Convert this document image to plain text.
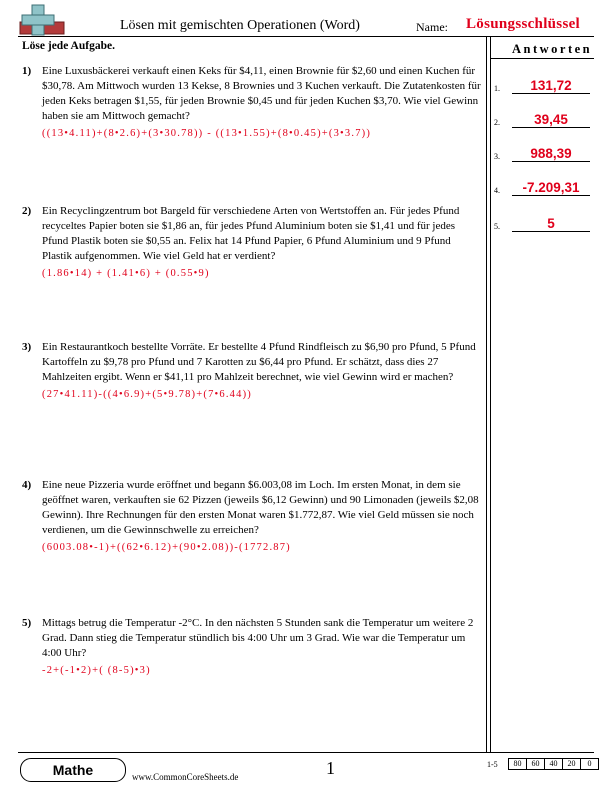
Lösen mit gemischten Operationen (Word)	Name: Lösungsschlüssel
Löse jede Aufgabe.	Antworten
1) Eine Luxusbäckerei verkauft einen Keks für $4,11, einen Brownie für $2,60 und einen Kuchen für $30,78. Am Mittwoch wurden 13 Kekse, 8 Brownies und 3 Kuchen verkauft. Die Zutatenkosten für jeden Keks betragen $1,55, für jeden Brownie $0,45 und für jeden Kuchen $3,70. Wie viel Gewinn haben sie am Mittwoch gemacht?
((13•4.11)+(8•2.6)+(3•30.78)) - ((13•1.55)+(8•0.45)+(3•3.7))
2) Ein Recyclingzentrum bot Bargeld für verschiedene Arten von Wertstoffen an. Für jedes Pfund recyceltes Papier boten sie $1,86 an, für jedes Pfund Aluminium boten sie $1,41 und für jedes Pfund Plastik boten sie $0,55 an. Felix hat 14 Pfund Papier, 6 Pfund Aluminium und 9 Pfund Plastik aufgenommen. Wie viel Geld hat er verdient?
(1.86•14) + (1.41•6) + (0.55•9)
3) Ein Restaurantkoch bestellte Vorräte. Er bestellte 4 Pfund Rindfleisch zu $6,90 pro Pfund, 5 Pfund Kartoffeln zu $9,78 pro Pfund und 7 Karotten zu $6,44 pro Pfund. Er schätzt, dass dies 27 Mahlzeiten ergibt. Wenn er $41,11 pro Mahlzeit berechnet, wie viel Gewinn wird er machen?
(27•41.11)-((4•6.9)+(5•9.78)+(7•6.44))
4) Eine neue Pizzeria wurde eröffnet und begann $6.003,08 im Loch. Im ersten Monat, in dem sie geöffnet waren, verkauften sie 62 Pizzen (jeweils $6,12 Gewinn) und 90 Limonaden (jeweils $2,08 Gewinn). Ihre Rechnungen für den ersten Monat waren $1.772,87. Wie viel Geld müssen sie noch verdienen, um die Gewinnschwelle zu erreichen?
(6003.08•-1)+((62•6.12)+(90•2.08))-(1772.87)
5) Mittags betrug die Temperatur -2°C. In den nächsten 5 Stunden sank die Temperatur um weitere 2 Grad. Dann stieg die Temperatur stündlich bis 4:00 Uhr um 3 Grad. Wie war die Temperatur um 4:00 Uhr?
-2+(-1•2)+( (8-5)•3)
1.	131,72
2.	39,45
3.	988,39
4.	-7.209,31
5.	5
Mathe	www.CommonCoreSheets.de	1	1-5	80	60	40	20	0
